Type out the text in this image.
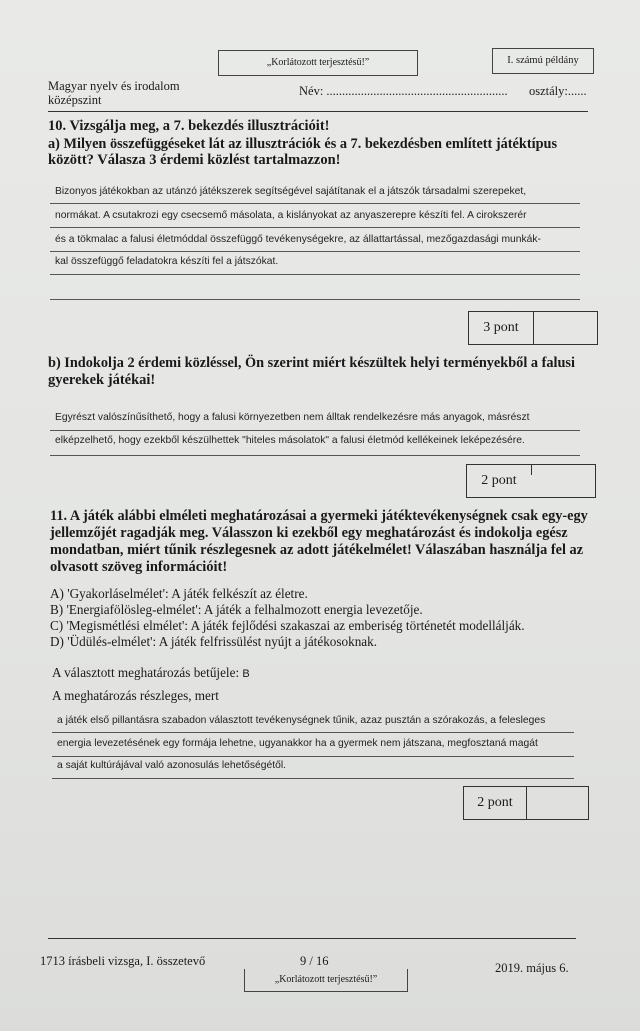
„Korlátozott terjesztésű!”	I. számú példány
Magyar nyelv és irodalom
középszint
Név: .......................................................... osztály:......
10. Vizsgálja meg, a 7. bekezdés illusztrációit!
a) Milyen összefüggéseket lát az illusztrációk és a 7. bekezdésben említett játéktípus
között? Válasza 3 érdemi közlést tartalmazzon!
Bizonyos játékokban az utánzó játékszerek segítségével sajátítanak el a játszók társadalmi szerepeket,
normákat. A csutakrozi egy csecsemő másolata, a kislányokat az anyaszerepre készíti fel. A cirokszerér
és a tökmalac a falusi életmóddal összefüggő tevékenységekre, az állattartással, mezőgazdasági munkák-
kal összefüggő feladatokra készíti fel a játszókat.
3 pont
b) Indokolja 2 érdemi közléssel, Ön szerint miért készültek helyi terményekből a falusi
gyerekek játékai!
Egyrészt valószínűsíthető, hogy a falusi környezetben nem álltak rendelkezésre más anyagok, másrészt
elképzelhető, hogy ezekből készülhettek "hiteles másolatok" a falusi életmód kellékeinek leképezésére.
2 pont
11. A játék alábbi elméleti meghatározásai a gyermeki játéktevékenységnek csak egy-egy
jellemzőjét ragadják meg. Válasszon ki ezekből egy meghatározást és indokolja egész
mondatban, miért tűnik részlegesnek az adott játékelmélet! Válaszában használja fel az
olvasott szöveg információit!
A) 'Gyakorláselmélet': A játék felkészít az életre.
B) 'Energiafölösleg-elmélet': A játék a felhalmozott energia levezetője.
C) 'Megismétlési elmélet': A játék fejlődési szakaszai az emberiség történetét modellálják.
D) 'Üdülés-elmélet': A játék felfrissülést nyújt a játékosoknak.
A választott meghatározás betűjele: B
A meghatározás részleges, mert
a játék első pillantásra szabadon választott tevékenységnek tűnik, azaz pusztán a szórakozás, a felesleges
energia levezetésének egy formája lehetne, ugyanakkor ha a gyermek nem játszana, megfosztaná magát
a saját kultúrájával való azonosulás lehetőségétől.
2 pont
1713 írásbeli vizsga, I. összetevő	9 / 16	2019. május 6.
„Korlátozott terjesztésű!”
